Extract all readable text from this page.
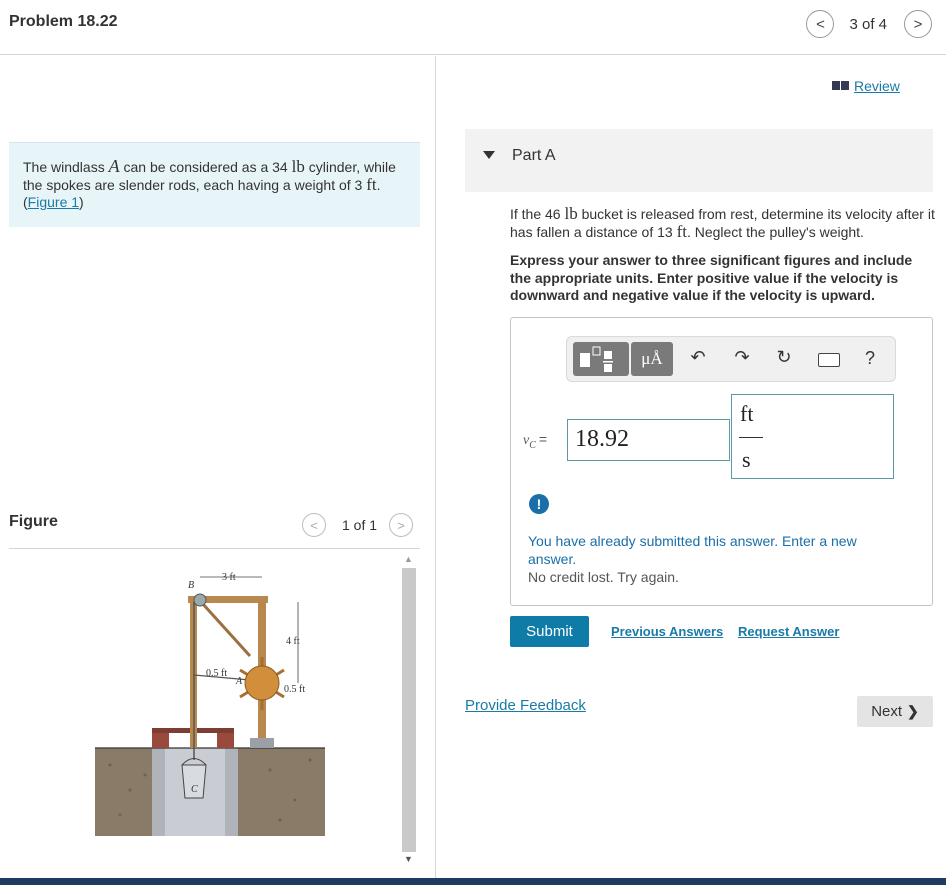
Problem 18.22	<	3 of 4	>
The windlass A can be considered as a 34 lb cylinder, while the spokes are slender rods, each having a weight of 3 ft. (Figure 1)
Figure	<	1 of 1	>
3 ft
4 ft
0.5 ft
0.5 ft
B
A
C
▲
▼
Review
Part A
If the 46 lb bucket is released from rest, determine its velocity after it has fallen a distance of 13 ft. Neglect the pulley's weight.
Express your answer to three significant figures and include the appropriate units. Enter positive value if the velocity is downward and negative value if the velocity is upward.
μÅ	↶ ↷ ↻	?
$v_C$ =	18.92
ft
s
!
You have already submitted this answer. Enter a new answer.
No credit lost. Try again.
Submit	Previous Answers Request Answer
Provide Feedback	Next ❯
